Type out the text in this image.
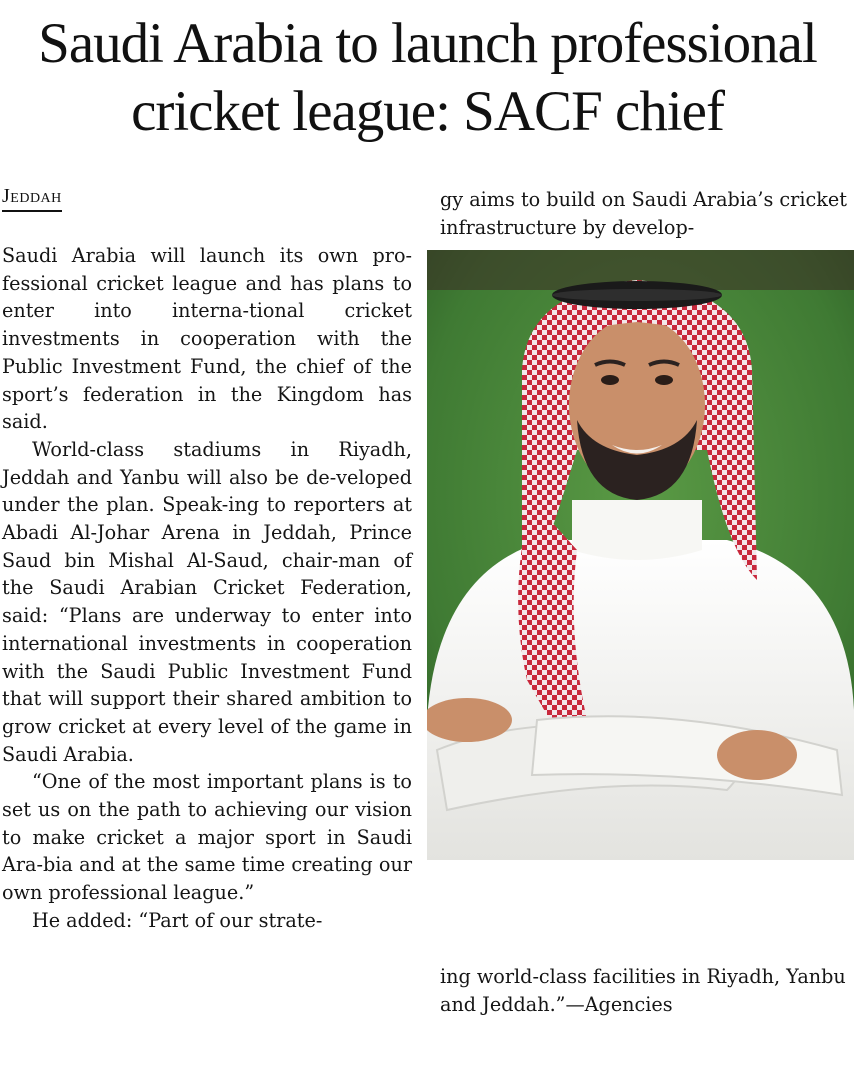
Saudi Arabia to launch professional
cricket league: SACF chief
Jeddah

Saudi Arabia will launch its own pro-fessional cricket league and has plans to enter into interna-tional cricket investments in cooperation with the Public Investment Fund, the chief of the sport’s federation in the Kingdom has said.

World-class stadiums in Riyadh, Jeddah and Yanbu will also be de-veloped under the plan. Speak-ing to reporters at Abadi Al-Johar Arena in Jeddah, Prince Saud bin Mishal Al-Saud, chair-man of the Saudi Arabian Cricket Federation, said: “Plans are underway to enter into international investments in cooperation with the Saudi Public Investment Fund that will support their shared ambition to grow cricket at every level of the game in Saudi Arabia.

“One of the most important plans is to set us on the path to achieving our vision to make cricket a major sport in Saudi Ara-bia and at the same time creating our own professional league.”

He added: “Part of our strate-

gy aims to build on Saudi Arabia’s cricket infrastructure by develop-

ing world-class facilities in Riyadh, Yanbu and Jeddah.”—Agencies
